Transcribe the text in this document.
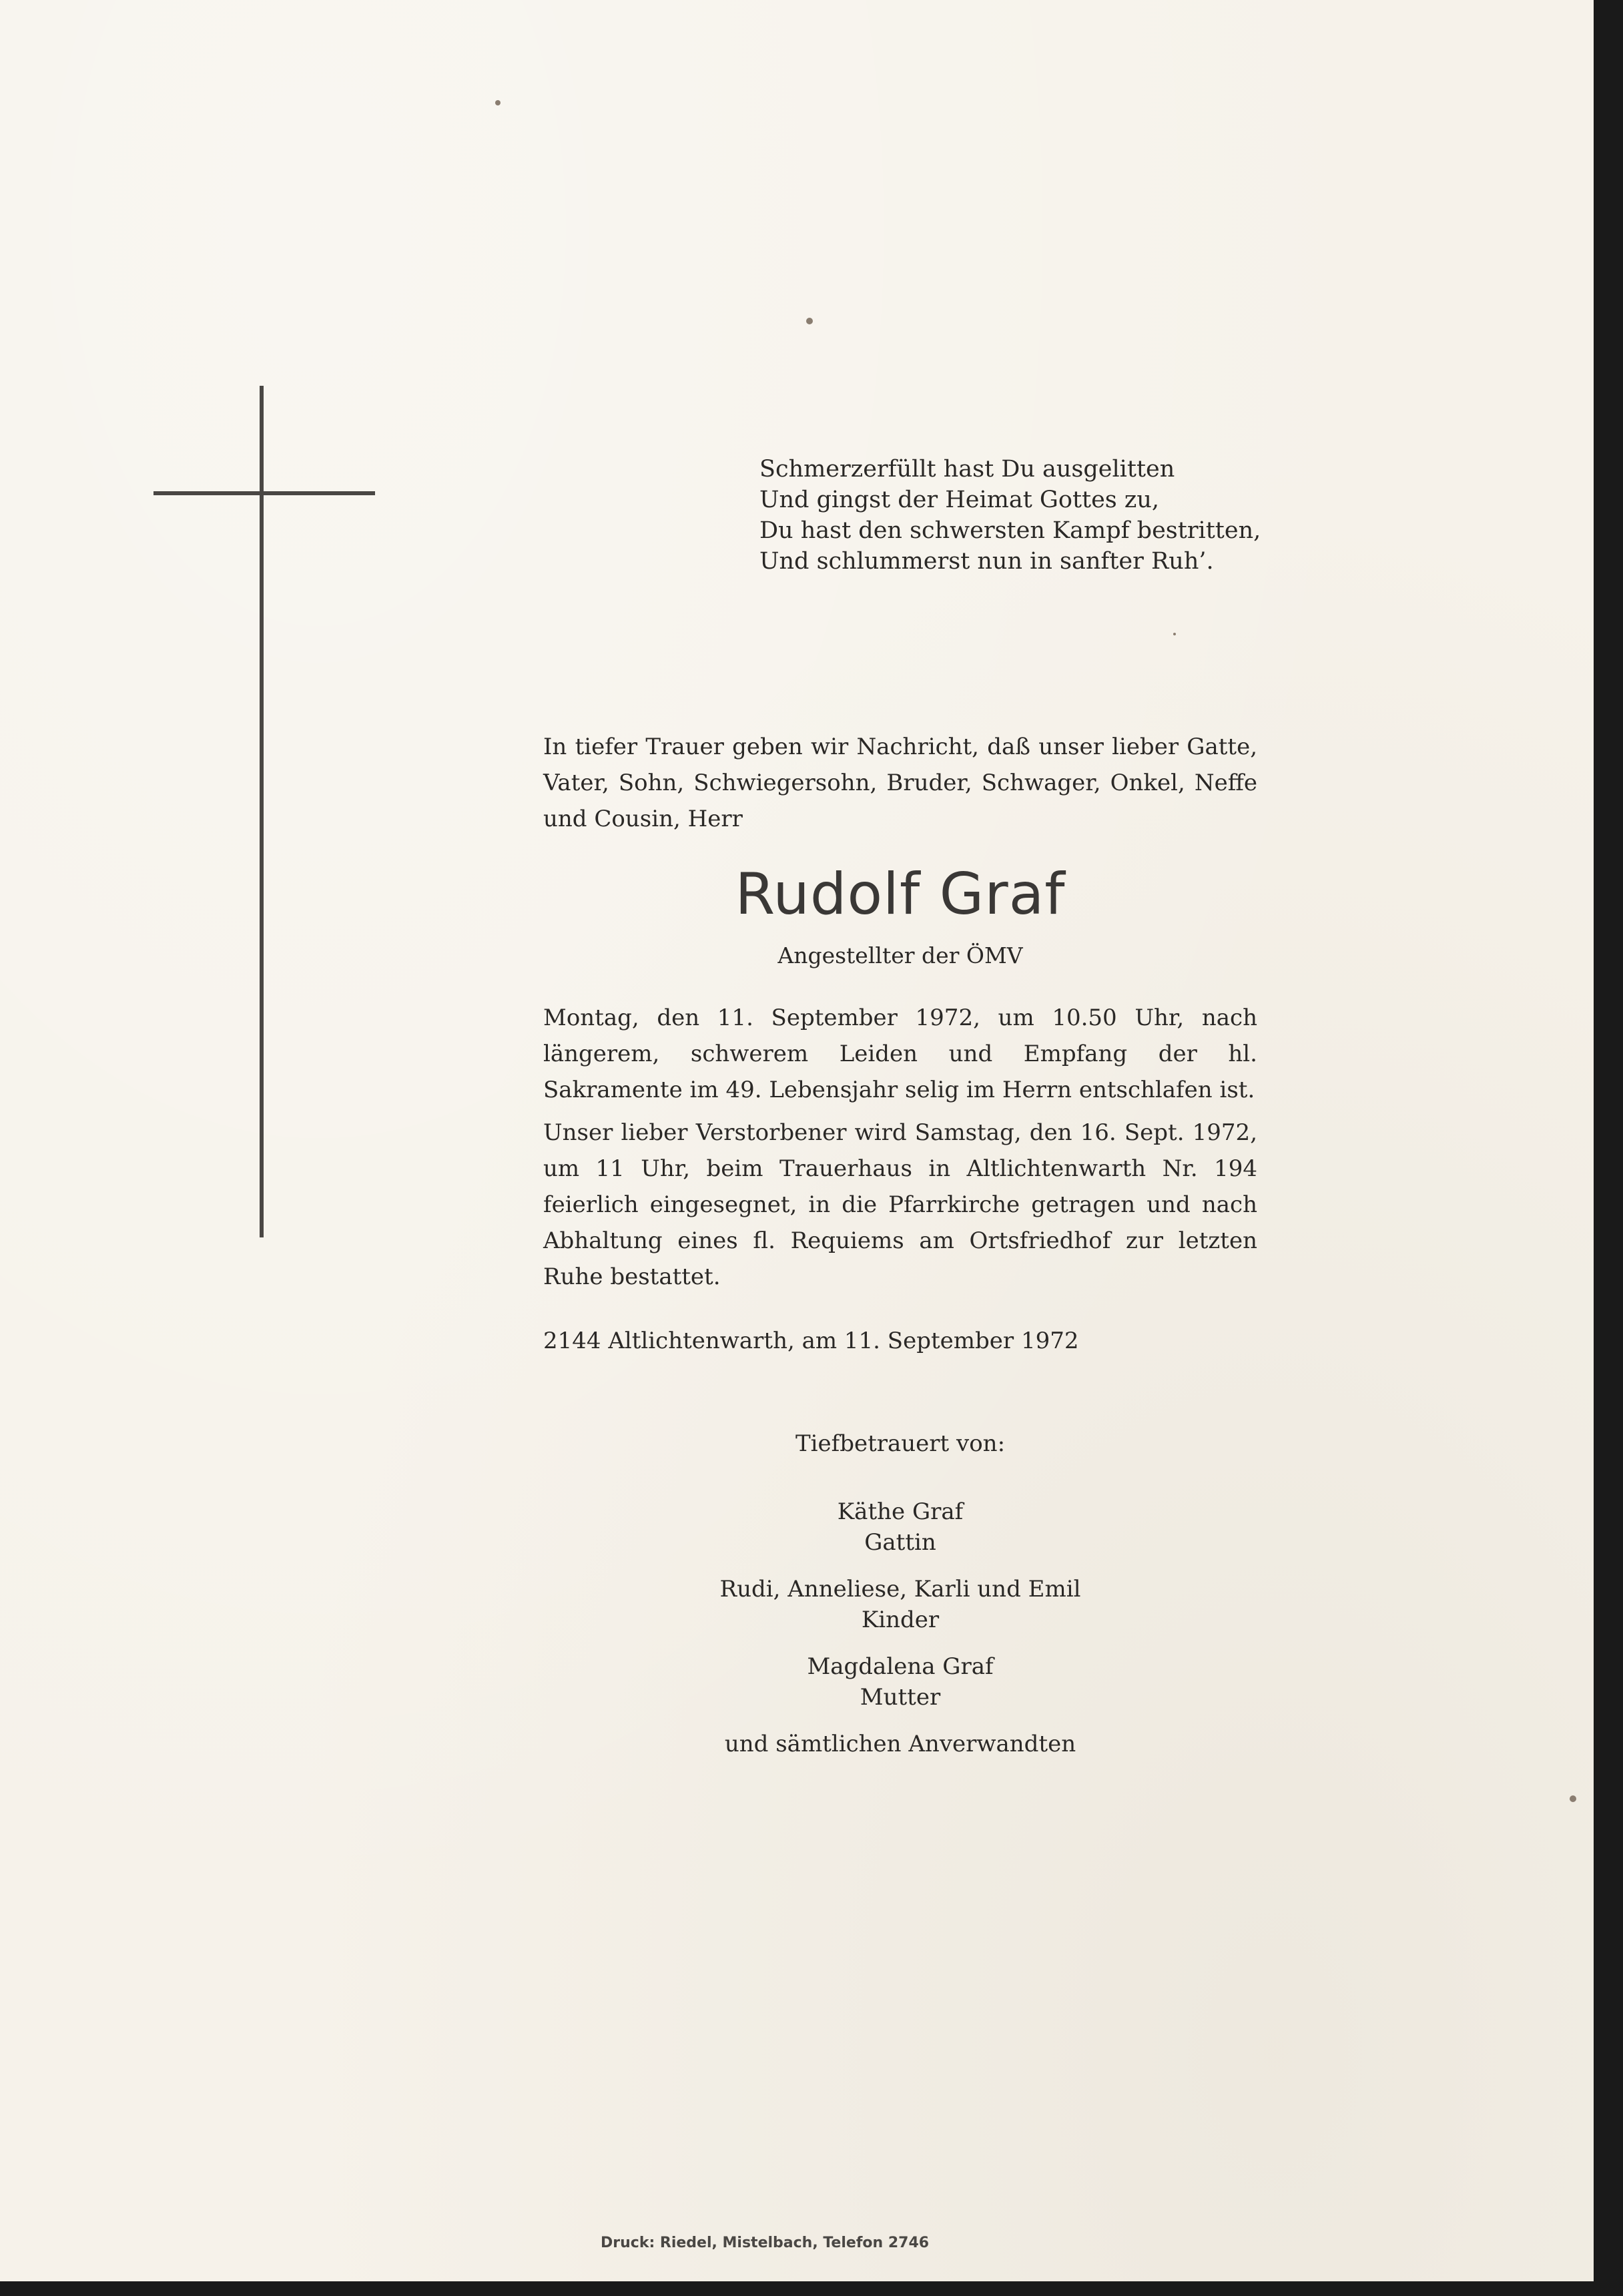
Schmerzerfüllt hast Du ausgelitten
Und gingst der Heimat Gottes zu,
Du hast den schwersten Kampf bestritten,
Und schlummerst nun in sanfter Ruh’.
In tiefer Trauer geben wir Nachricht, daß unser lieber Gatte, Vater, Sohn, Schwiegersohn, Bruder, Schwager, Onkel, Neffe und Cousin, Herr
Rudolf Graf
Angestellter der ÖMV
Montag, den 11. September 1972, um 10.50 Uhr, nach längerem, schwerem Leiden und Empfang der hl. Sakramente im 49. Lebensjahr selig im Herrn entschlafen ist.
Unser lieber Verstorbener wird Samstag, den 16. Sept. 1972, um 11 Uhr, beim Trauerhaus in Altlichtenwarth Nr. 194 feierlich eingesegnet, in die Pfarrkirche getragen und nach Abhaltung eines fl. Requiems am Ortsfriedhof zur letzten Ruhe bestattet.
2144 Altlichtenwarth, am 11. September 1972
Tiefbetrauert von:
Käthe Graf
Gattin
Rudi, Anneliese, Karli und Emil
Kinder
Magdalena Graf
Mutter
und sämtlichen Anverwandten
Druck: Riedel, Mistelbach, Telefon 2746
